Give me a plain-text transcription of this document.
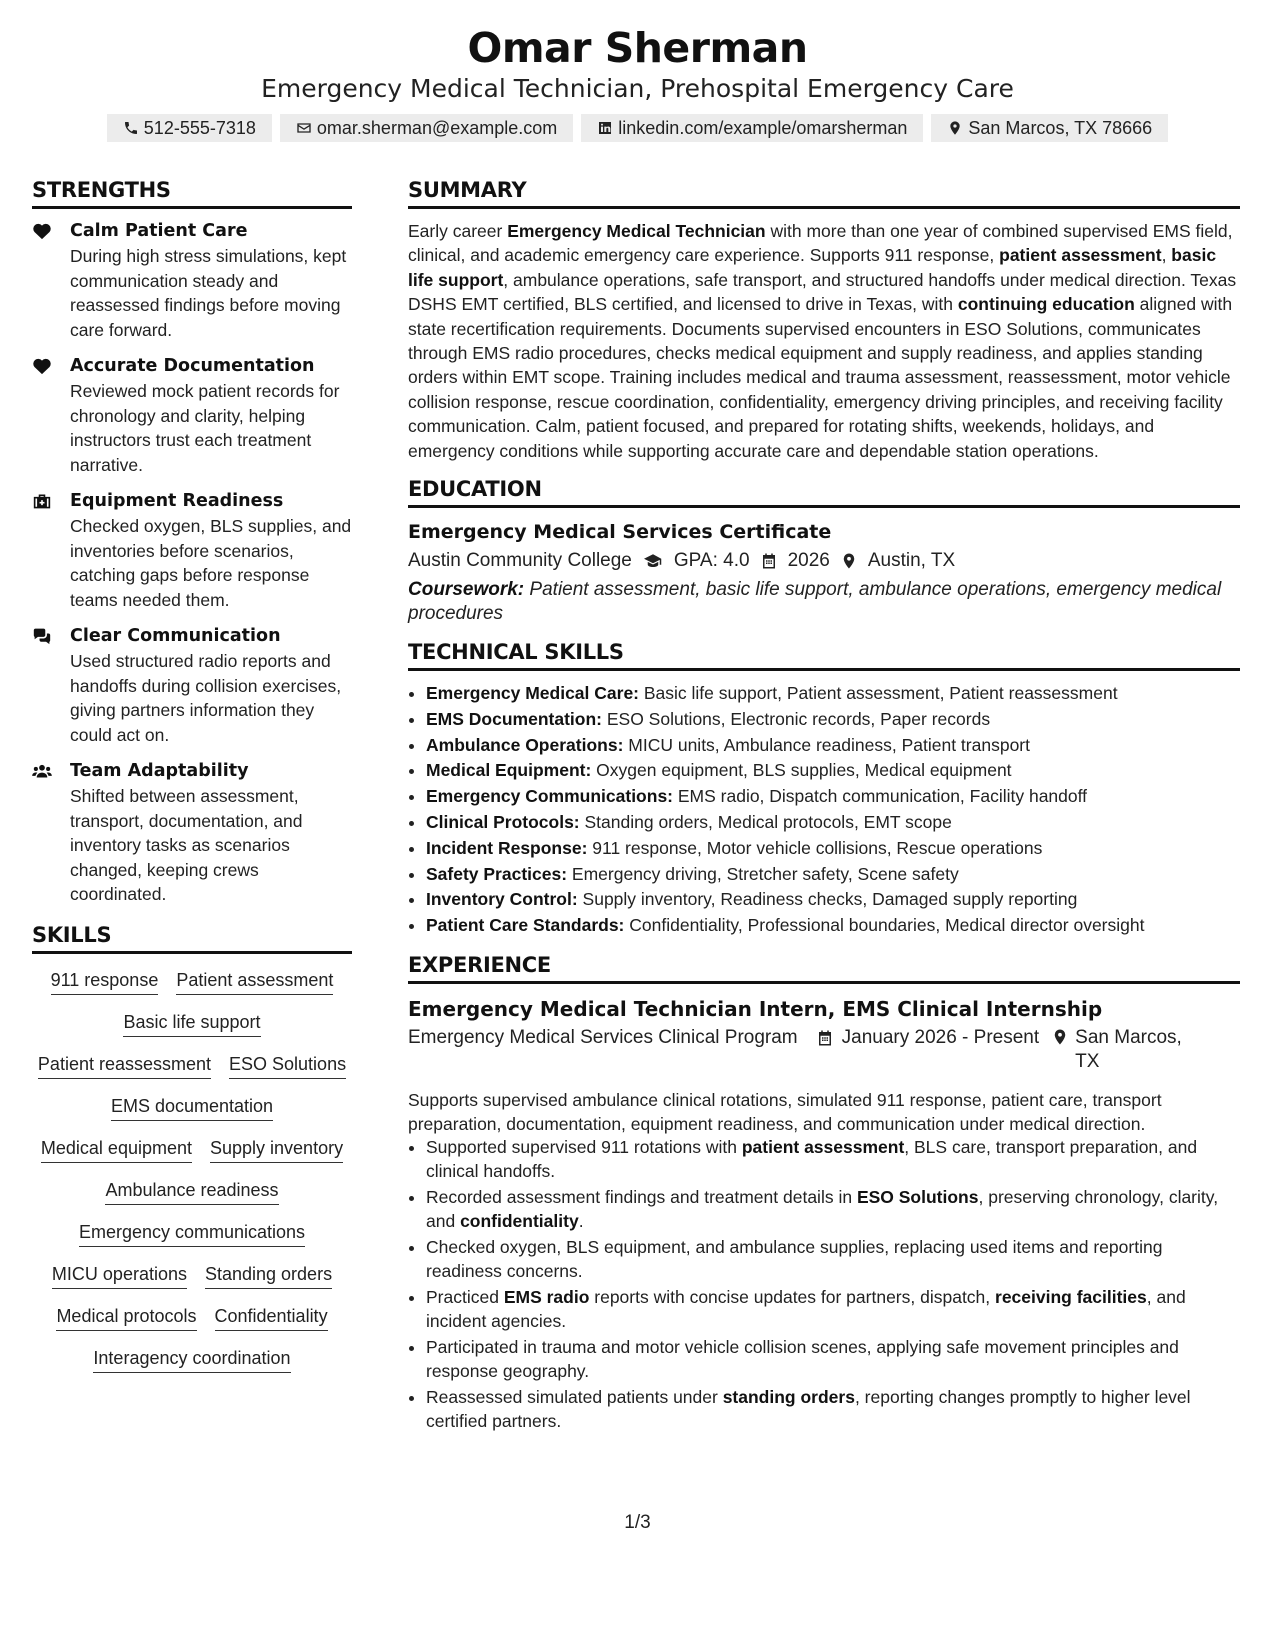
Omar Sherman
Emergency Medical Technician, Prehospital Emergency Care
512-555-7318	omar.sherman@example.com	linkedin.com/example/omarsherman	San Marcos, TX 78666
STRENGTHS
Calm Patient Care
During high stress simulations, kept communication steady and reassessed findings before moving care forward.
Accurate Documentation
Reviewed mock patient records for chronology and clarity, helping instructors trust each treatment narrative.
Equipment Readiness
Checked oxygen, BLS supplies, and inventories before scenarios, catching gaps before response teams needed them.
Clear Communication
Used structured radio reports and handoffs during collision exercises, giving partners information they could act on.
Team Adaptability
Shifted between assessment, transport, documentation, and inventory tasks as scenarios changed, keeping crews coordinated.
SKILLS
911 response Patient assessment
Basic life support
Patient reassessment ESO Solutions
EMS documentation
Medical equipment Supply inventory
Ambulance readiness
Emergency communications
MICU operations Standing orders
Medical protocols Confidentiality
Interagency coordination
SUMMARY

Early career Emergency Medical Technician with more than one year of combined supervised EMS field, clinical, and academic emergency care experience. Supports 911 response, patient assessment, basic life support, ambulance operations, safe transport, and structured handoffs under medical direction. Texas DSHS EMT certified, BLS certified, and licensed to drive in Texas, with continuing education aligned with state recertification requirements. Documents supervised encounters in ESO Solutions, communicates through EMS radio procedures, checks medical equipment and supply readiness, and applies standing orders within EMT scope. Training includes medical and trauma assessment, reassessment, motor vehicle collision response, rescue coordination, confidentiality, emergency driving principles, and receiving facility communication. Calm, patient focused, and prepared for rotating shifts, weekends, holidays, and emergency conditions while supporting accurate care and dependable station operations.

EDUCATION
Emergency Medical Services Certificate
Austin Community College GPA: 4.0 2026 Austin, TX
Coursework: Patient assessment, basic life support, ambulance operations, emergency medical procedures
TECHNICAL SKILLS
• Emergency Medical Care: Basic life support, Patient assessment, Patient reassessment
• EMS Documentation: ESO Solutions, Electronic records, Paper records
• Ambulance Operations: MICU units, Ambulance readiness, Patient transport
• Medical Equipment: Oxygen equipment, BLS supplies, Medical equipment
• Emergency Communications: EMS radio, Dispatch communication, Facility handoff
• Clinical Protocols: Standing orders, Medical protocols, EMT scope
• Incident Response: 911 response, Motor vehicle collisions, Rescue operations
• Safety Practices: Emergency driving, Stretcher safety, Scene safety
• Inventory Control: Supply inventory, Readiness checks, Damaged supply reporting
• Patient Care Standards: Confidentiality, Professional boundaries, Medical director oversight
EXPERIENCE
Emergency Medical Technician Intern, EMS Clinical Internship
Emergency Medical Services Clinical Program January 2026 - Present San Marcos, TX

Supports supervised ambulance clinical rotations, simulated 911 response, patient care, transport preparation, documentation, equipment readiness, and communication under medical direction.

• Supported supervised 911 rotations with patient assessment, BLS care, transport preparation, and clinical handoffs.
• Recorded assessment findings and treatment details in ESO Solutions, preserving chronology, clarity, and confidentiality.
• Checked oxygen, BLS equipment, and ambulance supplies, replacing used items and reporting readiness concerns.
• Practiced EMS radio reports with concise updates for partners, dispatch, receiving facilities, and incident agencies.
• Participated in trauma and motor vehicle collision scenes, applying safe movement principles and response geography.
• Reassessed simulated patients under standing orders, reporting changes promptly to higher level certified partners.
1/3
